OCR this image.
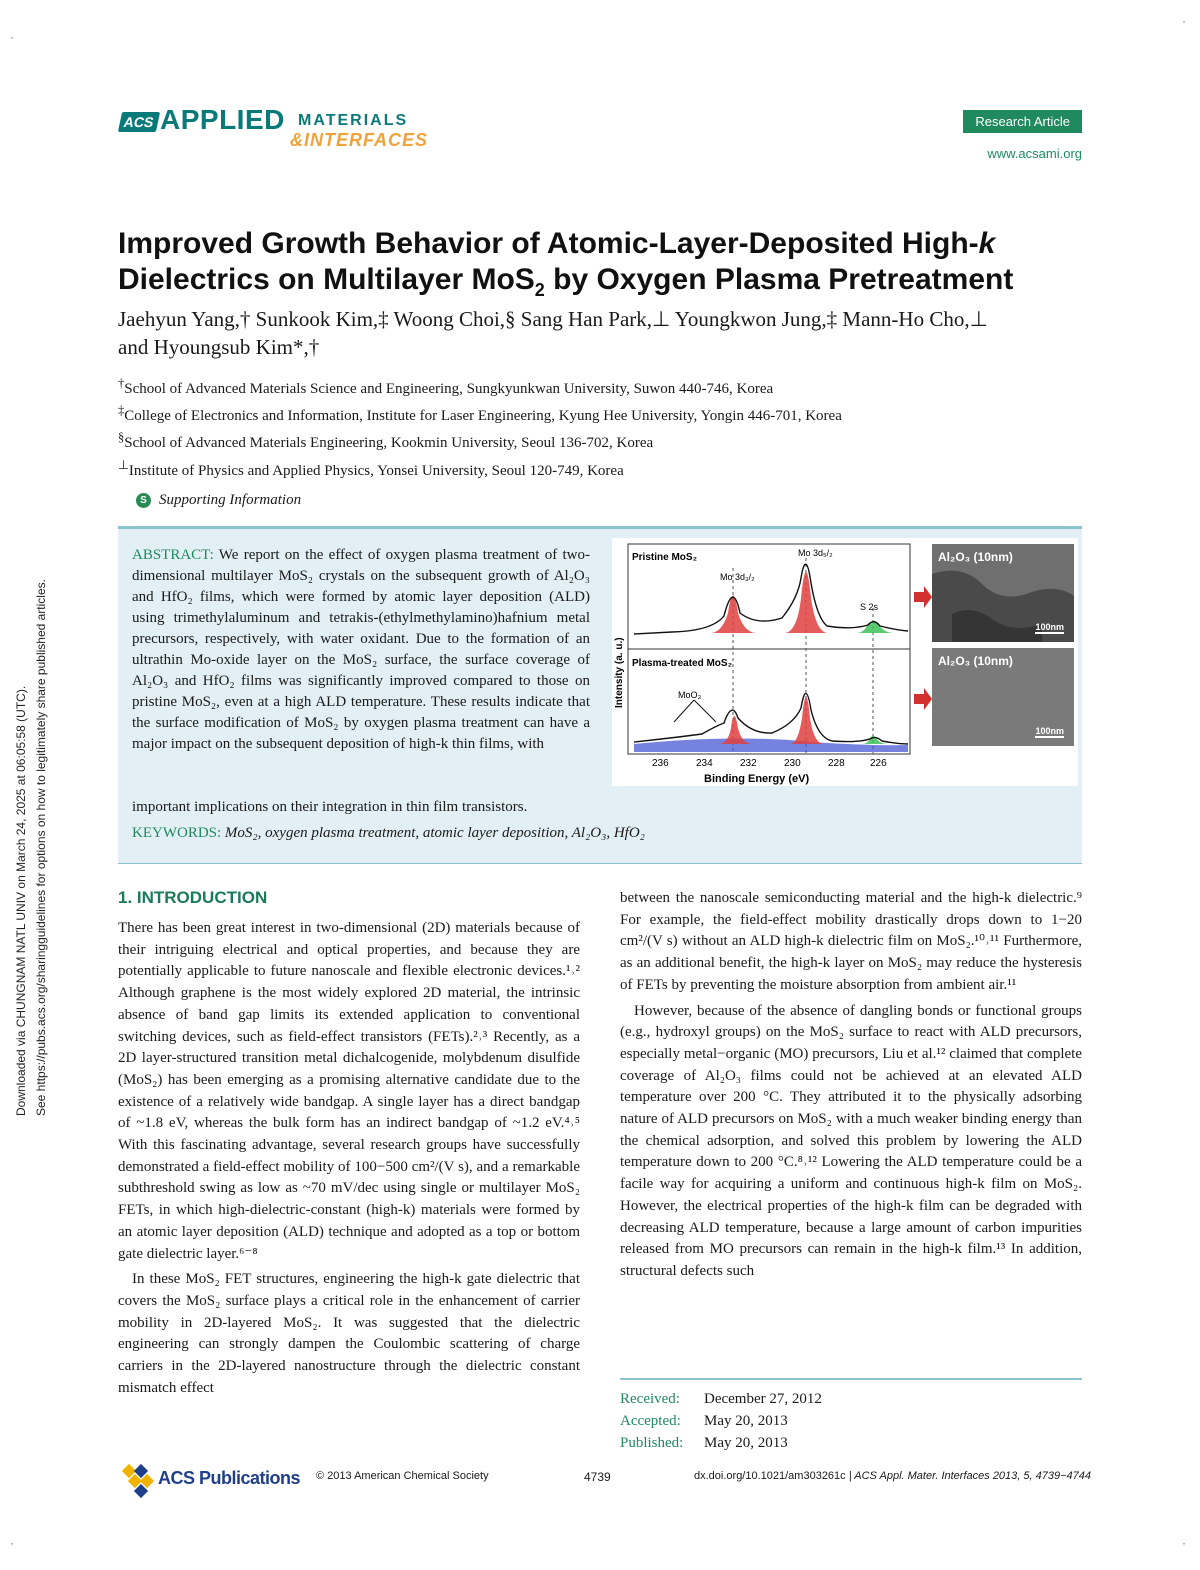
·
·
Downloaded via CHUNGNAM NATL UNIV on March 24, 2025 at 06:05:58 (UTC). See https://pubs.acs.org/sharingguidelines for options on how to legitimately share published articles.
ACS APPLIED MATERIALS
&INTERFACES
Research Article
www.acsami.org
Improved Growth Behavior of Atomic-Layer-Deposited High-k
Dielectrics on Multilayer MoS$_2$ by Oxygen Plasma Pretreatment
Jaehyun Yang,† Sunkook Kim,‡ Woong Choi,§ Sang Han Park,⊥ Youngkwon Jung,‡ Mann-Ho Cho,⊥
and Hyoungsub Kim*,†
†School of Advanced Materials Science and Engineering, Sungkyunkwan University, Suwon 440-746, Korea
‡College of Electronics and Information, Institute for Laser Engineering, Kyung Hee University, Yongin 446-701, Korea
§School of Advanced Materials Engineering, Kookmin University, Seoul 136-702, Korea
⊥Institute of Physics and Applied Physics, Yonsei University, Seoul 120-749, Korea
S Supporting Information
ABSTRACT: We report on the effect of oxygen plasma treatment of two-dimensional multilayer MoS₂ crystals on the subsequent growth of Al₂O₃ and HfO₂ films, which were formed by atomic layer deposition (ALD) using trimethylaluminum and tetrakis-(ethylmethylamino)hafnium metal precursors, respectively, with water oxidant. Due to the formation of an ultrathin Mo-oxide layer on the MoS₂ surface, the surface coverage of Al₂O₃ and HfO₂ films was significantly improved compared to those on pristine MoS₂, even at a high ALD temperature. These results indicate that the surface modification of MoS₂ by oxygen plasma treatment can have a major impact on the subsequent deposition of high-k thin films, with
important implications on their integration in thin film transistors.
KEYWORDS: MoS₂, oxygen plasma treatment, atomic layer deposition, Al₂O₃, HfO₂
Pristine MoS₂
Plasma-treated MoS₂
Mo 3d₃/₂
Mo 3d₅/₂
S 2s
MoO₃
Intensity (a. u.)
236	234	232	230	228	226
Binding Energy (eV)
Al₂O₃ (10nm)
100nm
Al₂O₃ (10nm)
100nm
1. INTRODUCTION

There has been great interest in two-dimensional (2D) materials because of their intriguing electrical and optical properties, and because they are potentially applicable to future nanoscale and flexible electronic devices.¹˒² Although graphene is the most widely explored 2D material, the intrinsic absence of band gap limits its extended application to conventional switching devices, such as field-effect transistors (FETs).²˒³ Recently, as a 2D layer-structured transition metal dichalcogenide, molybdenum disulfide (MoS₂) has been emerging as a promising alternative candidate due to the existence of a relatively wide bandgap. A single layer has a direct bandgap of ~1.8 eV, whereas the bulk form has an indirect bandgap of ~1.2 eV.⁴˒⁵ With this fascinating advantage, several research groups have successfully demonstrated a field-effect mobility of 100−500 cm²/(V s), and a remarkable subthreshold swing as low as ~70 mV/dec using single or multilayer MoS₂ FETs, in which high-dielectric-constant (high-k) materials were formed by an atomic layer deposition (ALD) technique and adopted as a top or bottom gate dielectric layer.⁶⁻⁸

In these MoS₂ FET structures, engineering the high-k gate dielectric that covers the MoS₂ surface plays a critical role in the enhancement of carrier mobility in 2D-layered MoS₂. It was suggested that the dielectric engineering can strongly dampen the Coulombic scattering of charge carriers in the 2D-layered nanostructure through the dielectric constant mismatch effect

between the nanoscale semiconducting material and the high-k dielectric.⁹ For example, the field-effect mobility drastically drops down to 1−20 cm²/(V s) without an ALD high-k dielectric film on MoS₂.¹⁰˒¹¹ Furthermore, as an additional benefit, the high-k layer on MoS₂ may reduce the hysteresis of FETs by preventing the moisture absorption from ambient air.¹¹

However, because of the absence of dangling bonds or functional groups (e.g., hydroxyl groups) on the MoS₂ surface to react with ALD precursors, especially metal−organic (MO) precursors, Liu et al.¹² claimed that complete coverage of Al₂O₃ films could not be achieved at an elevated ALD temperature over 200 °C. They attributed it to the physically adsorbing nature of ALD precursors on MoS₂ with a much weaker binding energy than the chemical adsorption, and solved this problem by lowering the ALD temperature down to 200 °C.⁸˒¹² Lowering the ALD temperature could be a facile way for acquiring a uniform and continuous high-k film on MoS₂. However, the electrical properties of the high-k film can be degraded with decreasing ALD temperature, because a large amount of carbon impurities released from MO precursors can remain in the high-k film.¹³ In addition, structural defects such

Received: December 27, 2012
Accepted: May 20, 2013
Published: May 20, 2013
ACS Publications © 2013 American Chemical Society	4739	dx.doi.org/10.1021/am303261c | ACS Appl. Mater. Interfaces 2013, 5, 4739−4744
·	·
